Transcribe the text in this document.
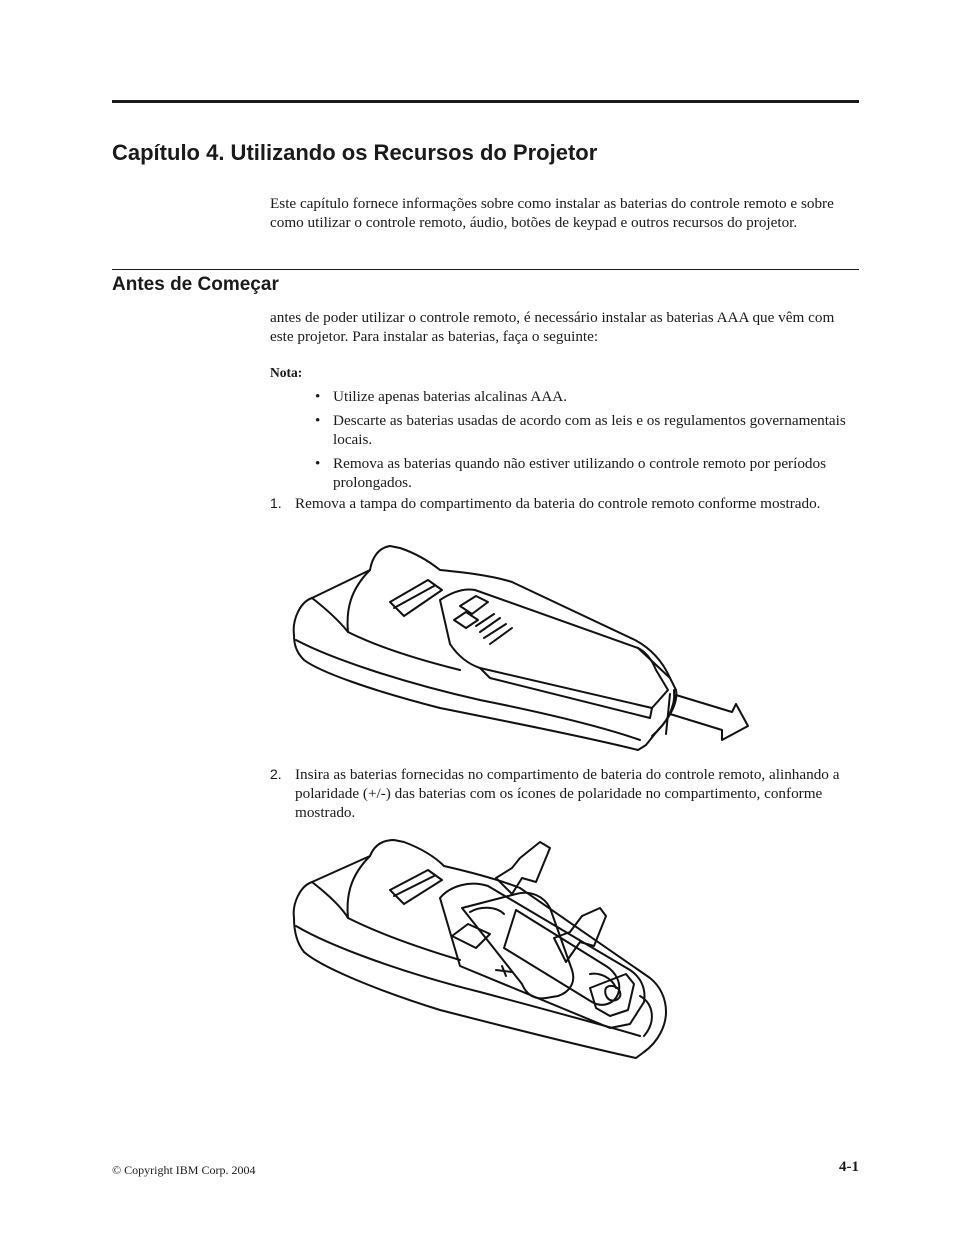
Capítulo 4. Utilizando os Recursos do Projetor

Este capítulo fornece informações sobre como instalar as baterias do controle remoto e sobre como utilizar o controle remoto, áudio, botões de keypad e outros recursos do projetor.

Antes de Começar

antes de poder utilizar o controle remoto, é necessário instalar as baterias AAA que vêm com este projetor. Para instalar as baterias, faça o seguinte:

Nota:

• Utilize apenas baterias alcalinas AAA.
• Descarte as baterias usadas de acordo com as leis e os regulamentos governamentais locais.
• Remova as baterias quando não estiver utilizando o controle remoto por períodos prolongados.
1. Remova a tampa do compartimento da bateria do controle remoto conforme mostrado.
2. Insira as baterias fornecidas no compartimento de bateria do controle remoto, alinhando a polaridade (+/-) das baterias com os ícones de polaridade no compartimento, conforme mostrado.

© Copyright IBM Corp. 2004	4-1
